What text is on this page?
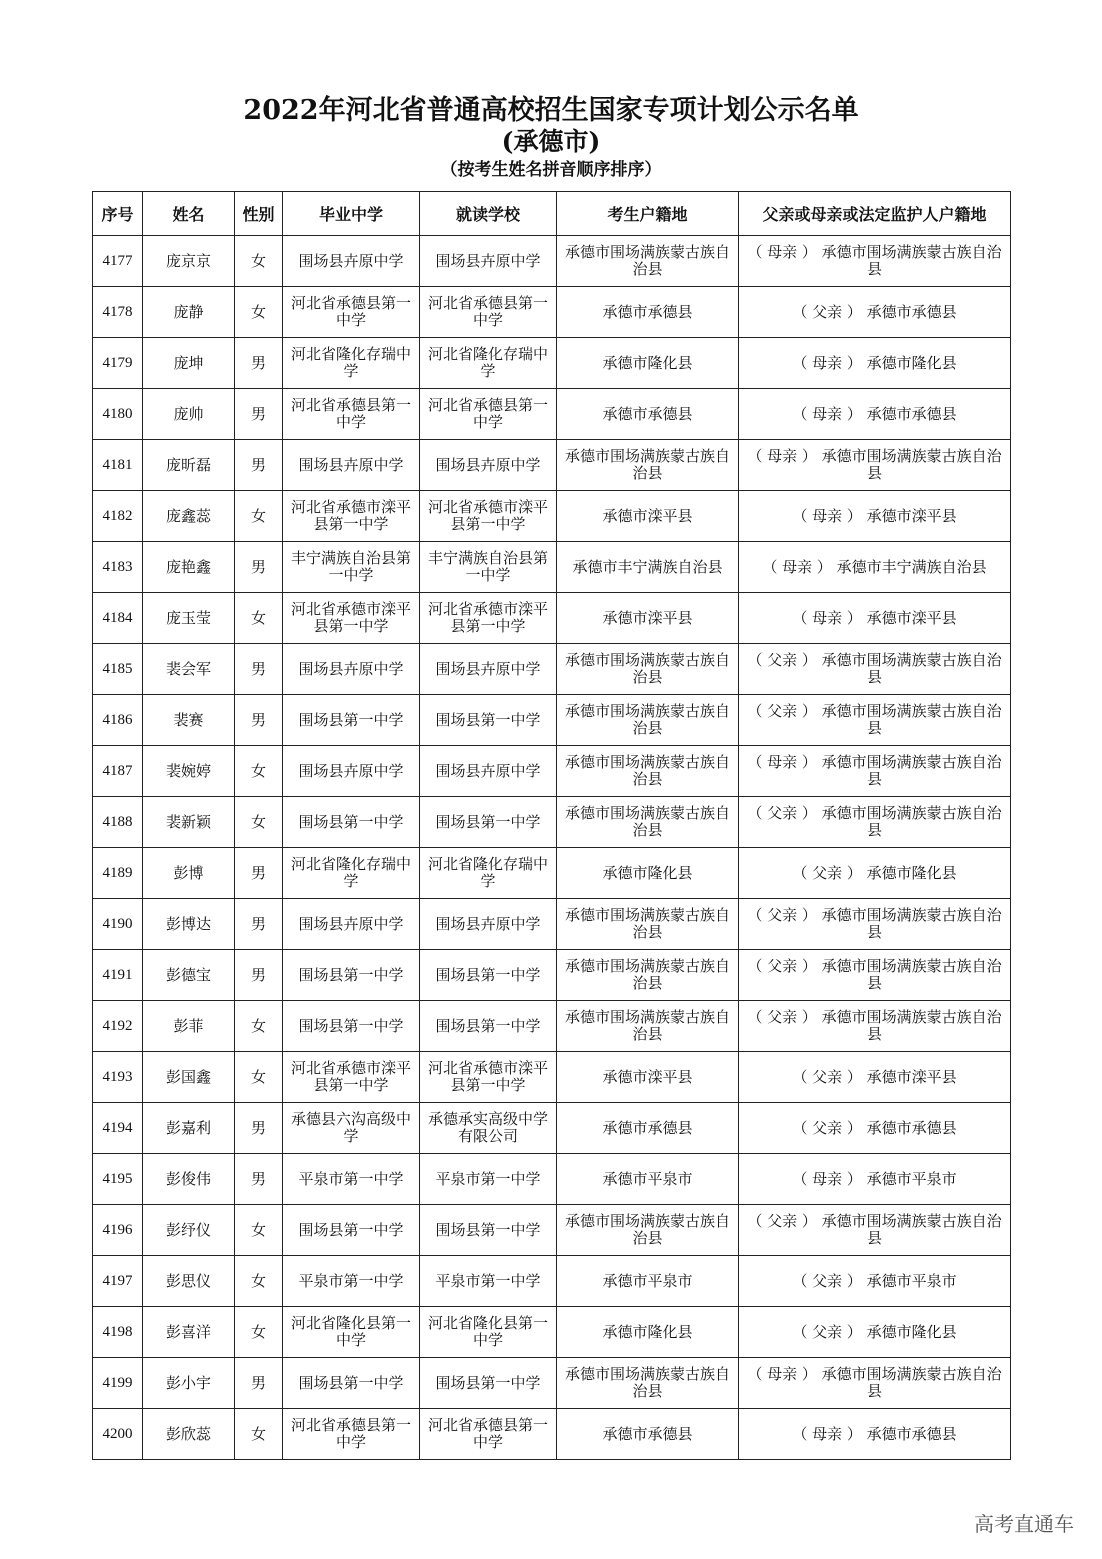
2022年河北省普通高校招生国家专项计划公示名单
(承德市)
（按考生姓名拼音顺序排序）
序号	姓名	性别	毕业中学	就读学校	考生户籍地	父亲或母亲或法定监护人户籍地
4177	庞京京	女	围场县卉原中学	围场县卉原中学	承德市围场满族蒙古族自治县	（ 母亲 ） 承德市围场满族蒙古族自治县
4178	庞静	女	河北省承德县第一中学	河北省承德县第一中学	承德市承德县	（ 父亲 ） 承德市承德县
4179	庞坤	男	河北省隆化存瑞中学	河北省隆化存瑞中学	承德市隆化县	（ 母亲 ） 承德市隆化县
4180	庞帅	男	河北省承德县第一中学	河北省承德县第一中学	承德市承德县	（ 母亲 ） 承德市承德县
4181	庞昕磊	男	围场县卉原中学	围场县卉原中学	承德市围场满族蒙古族自治县	（ 母亲 ） 承德市围场满族蒙古族自治县
4182	庞鑫蕊	女	河北省承德市滦平县第一中学	河北省承德市滦平县第一中学	承德市滦平县	（ 母亲 ） 承德市滦平县
4183	庞艳鑫	男	丰宁满族自治县第一中学	丰宁满族自治县第一中学	承德市丰宁满族自治县	（ 母亲 ） 承德市丰宁满族自治县
4184	庞玉莹	女	河北省承德市滦平县第一中学	河北省承德市滦平县第一中学	承德市滦平县	（ 母亲 ） 承德市滦平县
4185	裴会军	男	围场县卉原中学	围场县卉原中学	承德市围场满族蒙古族自治县	（ 父亲 ） 承德市围场满族蒙古族自治县
4186	裴赛	男	围场县第一中学	围场县第一中学	承德市围场满族蒙古族自治县	（ 父亲 ） 承德市围场满族蒙古族自治县
4187	裴婉婷	女	围场县卉原中学	围场县卉原中学	承德市围场满族蒙古族自治县	（ 母亲 ） 承德市围场满族蒙古族自治县
4188	裴新颖	女	围场县第一中学	围场县第一中学	承德市围场满族蒙古族自治县	（ 父亲 ） 承德市围场满族蒙古族自治县
4189	彭博	男	河北省隆化存瑞中学	河北省隆化存瑞中学	承德市隆化县	（ 父亲 ） 承德市隆化县
4190	彭博达	男	围场县卉原中学	围场县卉原中学	承德市围场满族蒙古族自治县	（ 父亲 ） 承德市围场满族蒙古族自治县
4191	彭德宝	男	围场县第一中学	围场县第一中学	承德市围场满族蒙古族自治县	（ 父亲 ） 承德市围场满族蒙古族自治县
4192	彭菲	女	围场县第一中学	围场县第一中学	承德市围场满族蒙古族自治县	（ 父亲 ） 承德市围场满族蒙古族自治县
4193	彭国鑫	女	河北省承德市滦平县第一中学	河北省承德市滦平县第一中学	承德市滦平县	（ 父亲 ） 承德市滦平县
4194	彭嘉利	男	承德县六沟高级中学	承德承实高级中学有限公司	承德市承德县	（ 父亲 ） 承德市承德县
4195	彭俊伟	男	平泉市第一中学	平泉市第一中学	承德市平泉市	（ 母亲 ） 承德市平泉市
4196	彭纾仪	女	围场县第一中学	围场县第一中学	承德市围场满族蒙古族自治县	（ 父亲 ） 承德市围场满族蒙古族自治县
4197	彭思仪	女	平泉市第一中学	平泉市第一中学	承德市平泉市	（ 父亲 ） 承德市平泉市
4198	彭喜洋	女	河北省隆化县第一中学	河北省隆化县第一中学	承德市隆化县	（ 父亲 ） 承德市隆化县
4199	彭小宇	男	围场县第一中学	围场县第一中学	承德市围场满族蒙古族自治县	（ 母亲 ） 承德市围场满族蒙古族自治县
4200	彭欣蕊	女	河北省承德县第一中学	河北省承德县第一中学	承德市承德县	（ 母亲 ） 承德市承德县
高考直通车
